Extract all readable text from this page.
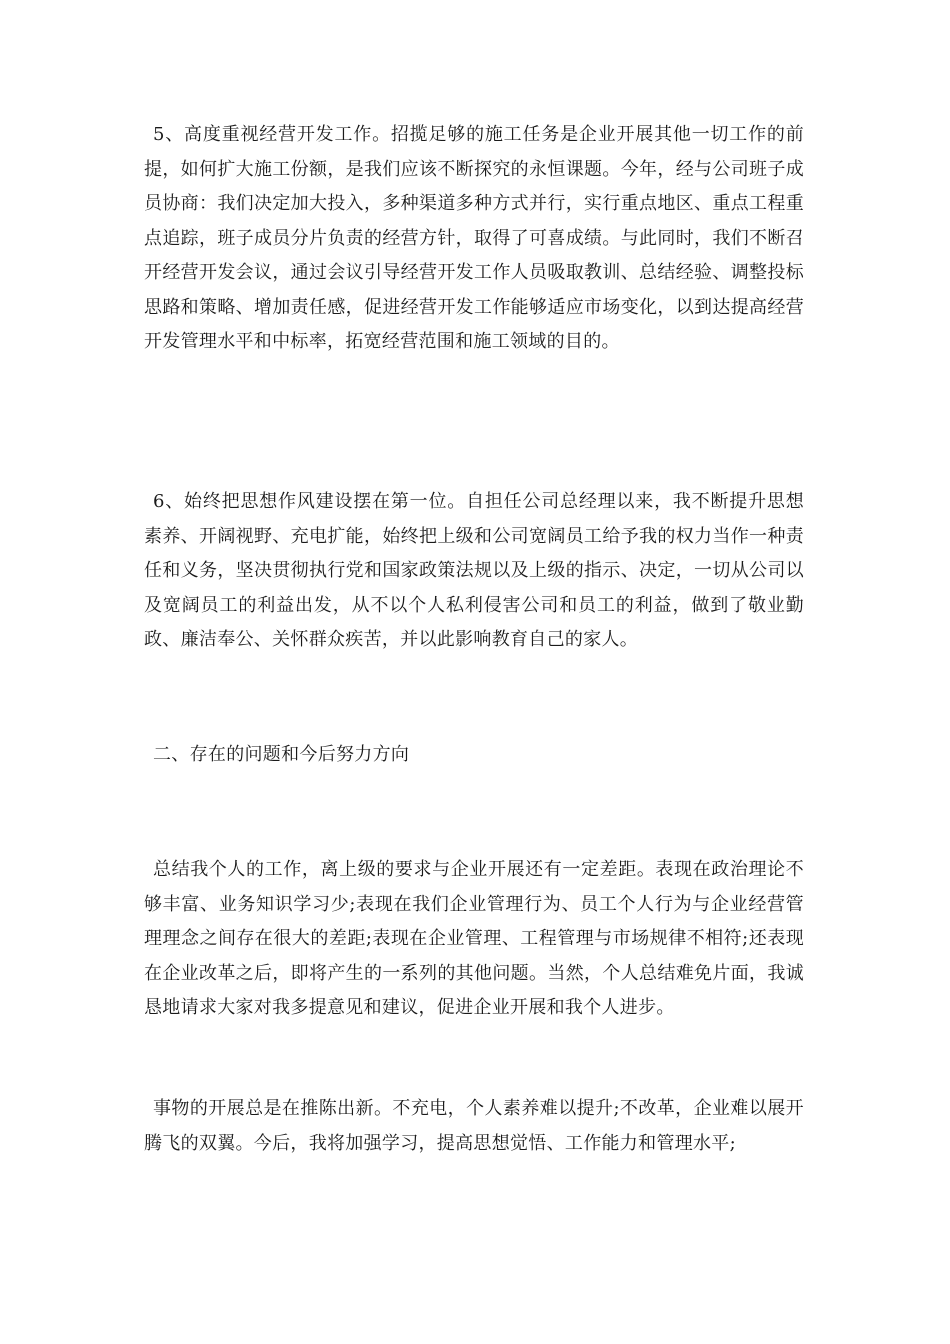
5、高度重视经营开发工作。招揽足够的施工任务是企业开展其他一切工作的前提，如何扩大施工份额，是我们应该不断探究的永恒课题。今年，经与公司班子成员协商：我们决定加大投入，多种渠道多种方式并行，实行重点地区、重点工程重点追踪，班子成员分片负责的经营方针，取得了可喜成绩。与此同时，我们不断召开经营开发会议，通过会议引导经营开发工作人员吸取教训、总结经验、调整投标思路和策略、增加责任感，促进经营开发工作能够适应市场变化，以到达提高经营开发管理水平和中标率，拓宽经营范围和施工领域的目的。

6、始终把思想作风建设摆在第一位。自担任公司总经理以来，我不断提升思想素养、开阔视野、充电扩能，始终把上级和公司宽阔员工给予我的权力当作一种责任和义务，坚决贯彻执行党和国家政策法规以及上级的指示、决定，一切从公司以及宽阔员工的利益出发，从不以个人私利侵害公司和员工的利益，做到了敬业勤政、廉洁奉公、关怀群众疾苦，并以此影响教育自己的家人。

二、存在的问题和今后努力方向

总结我个人的工作，离上级的要求与企业开展还有一定差距。表现在政治理论不够丰富、业务知识学习少;表现在我们企业管理行为、员工个人行为与企业经营管理理念之间存在很大的差距;表现在企业管理、工程管理与市场规律不相符;还表现在企业改革之后，即将产生的一系列的其他问题。当然，个人总结难免片面，我诚恳地请求大家对我多提意见和建议，促进企业开展和我个人进步。

事物的开展总是在推陈出新。不充电，个人素养难以提升;不改革，企业难以展开腾飞的双翼。今后，我将加强学习，提高思想觉悟、工作能力和管理水平;
